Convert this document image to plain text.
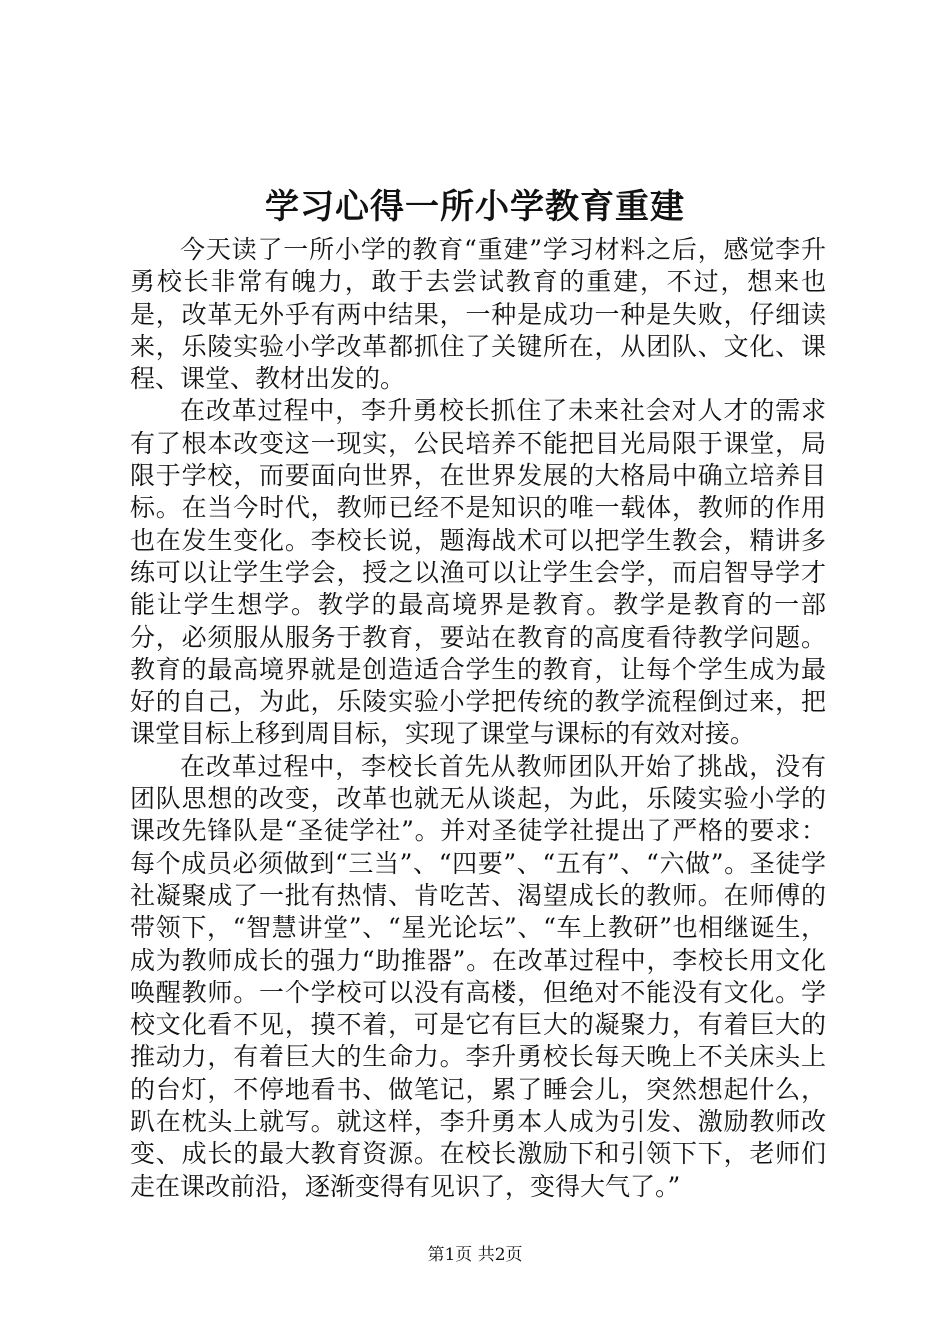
学习心得一所小学教育重建

今天读了一所小学的教育“重建”学习材料之后，感觉李升勇校长非常有魄力，敢于去尝试教育的重建，不过，想来也是，改革无外乎有两中结果，一种是成功一种是失败，仔细读来，乐陵实验小学改革都抓住了关键所在，从团队、文化、课程、课堂、教材出发的。

在改革过程中，李升勇校长抓住了未来社会对人才的需求有了根本改变这一现实，公民培养不能把目光局限于课堂，局限于学校，而要面向世界，在世界发展的大格局中确立培养目标。在当今时代，教师已经不是知识的唯一载体，教师的作用也在发生变化。李校长说，题海战术可以把学生教会，精讲多练可以让学生学会，授之以渔可以让学生会学，而启智导学才能让学生想学。教学的最高境界是教育。教学是教育的一部分，必须服从服务于教育，要站在教育的高度看待教学问题。教育的最高境界就是创造适合学生的教育，让每个学生成为最好的自己，为此，乐陵实验小学把传统的教学流程倒过来，把课堂目标上移到周目标，实现了课堂与课标的有效对接。

在改革过程中，李校长首先从教师团队开始了挑战，没有团队思想的改变，改革也就无从谈起，为此，乐陵实验小学的课改先锋队是“圣徒学社”。并对圣徒学社提出了严格的要求：每个成员必须做到“三当”、“四要”、“五有”、“六做”。圣徒学社凝聚成了一批有热情、肯吃苦、渴望成长的教师。在师傅的带领下，“智慧讲堂”、“星光论坛”、“车上教研”也相继诞生，成为教师成长的强力“助推器”。在改革过程中，李校长用文化唤醒教师。一个学校可以没有高楼，但绝对不能没有文化。学校文化看不见，摸不着，可是它有巨大的凝聚力，有着巨大的推动力，有着巨大的生命力。李升勇校长每天晚上不关床头上的台灯，不停地看书、做笔记，累了睡会儿，突然想起什么，趴在枕头上就写。就这样，李升勇本人成为引发、激励教师改变、成长的最大教育资源。在校长激励下和引领下下，老师们走在课改前沿，逐渐变得有见识了，变得大气了。”

第1页 共2页
